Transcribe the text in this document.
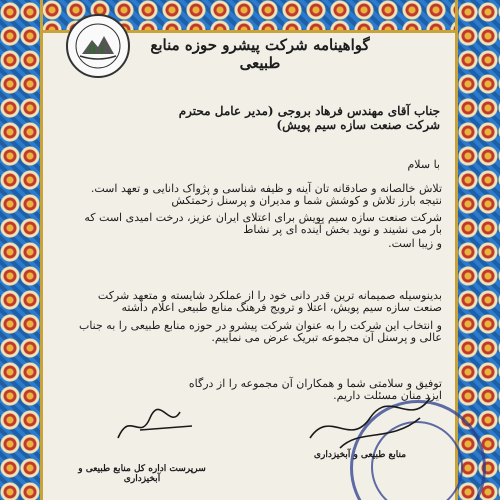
گواهینامه شرکت پیشرو حوزه منابع طبیعی
جناب آقای مهندس فرهاد بروجی (مدیر عامل محترم شرکت صنعت سازه سیم پویش)
با سلام
تلاش خالصانه و صادقانه تان آینه و ظیفه شناسی و پژواک دانایی و تعهد است. نتیجه بارز تلاش و کوشش شما و مدیران و پرسنل زحمتکش
شرکت صنعت سازه سیم پویش برای اعتلای ایران عزیز، درخت امیدی است که بار می نشیند و نوید بخش آینده ای پر نشاط
و زیبا است.
بدینوسیله صمیمانه ترین قدر دانی خود را از عملکرد شایسته و متعهد شرکت صنعت سازه سیم پویش، اعتلا و ترویج فرهنگ منابع طبیعی اعلام داشته
و انتخاب این شرکت را به عنوان شرکت پیشرو در حوزه منابع طبیعی را به جناب عالی و پرسنل آن مجموعه تبریک عرض می نماییم.
توفیق و سلامتی شما و همکاران آن مجموعه را از درگاه ایزد منان مسئلت داریم.
سرپرست اداره کل منابع طبیعی و آبخیزداری
منابع طبیعی و آبخیزداری
